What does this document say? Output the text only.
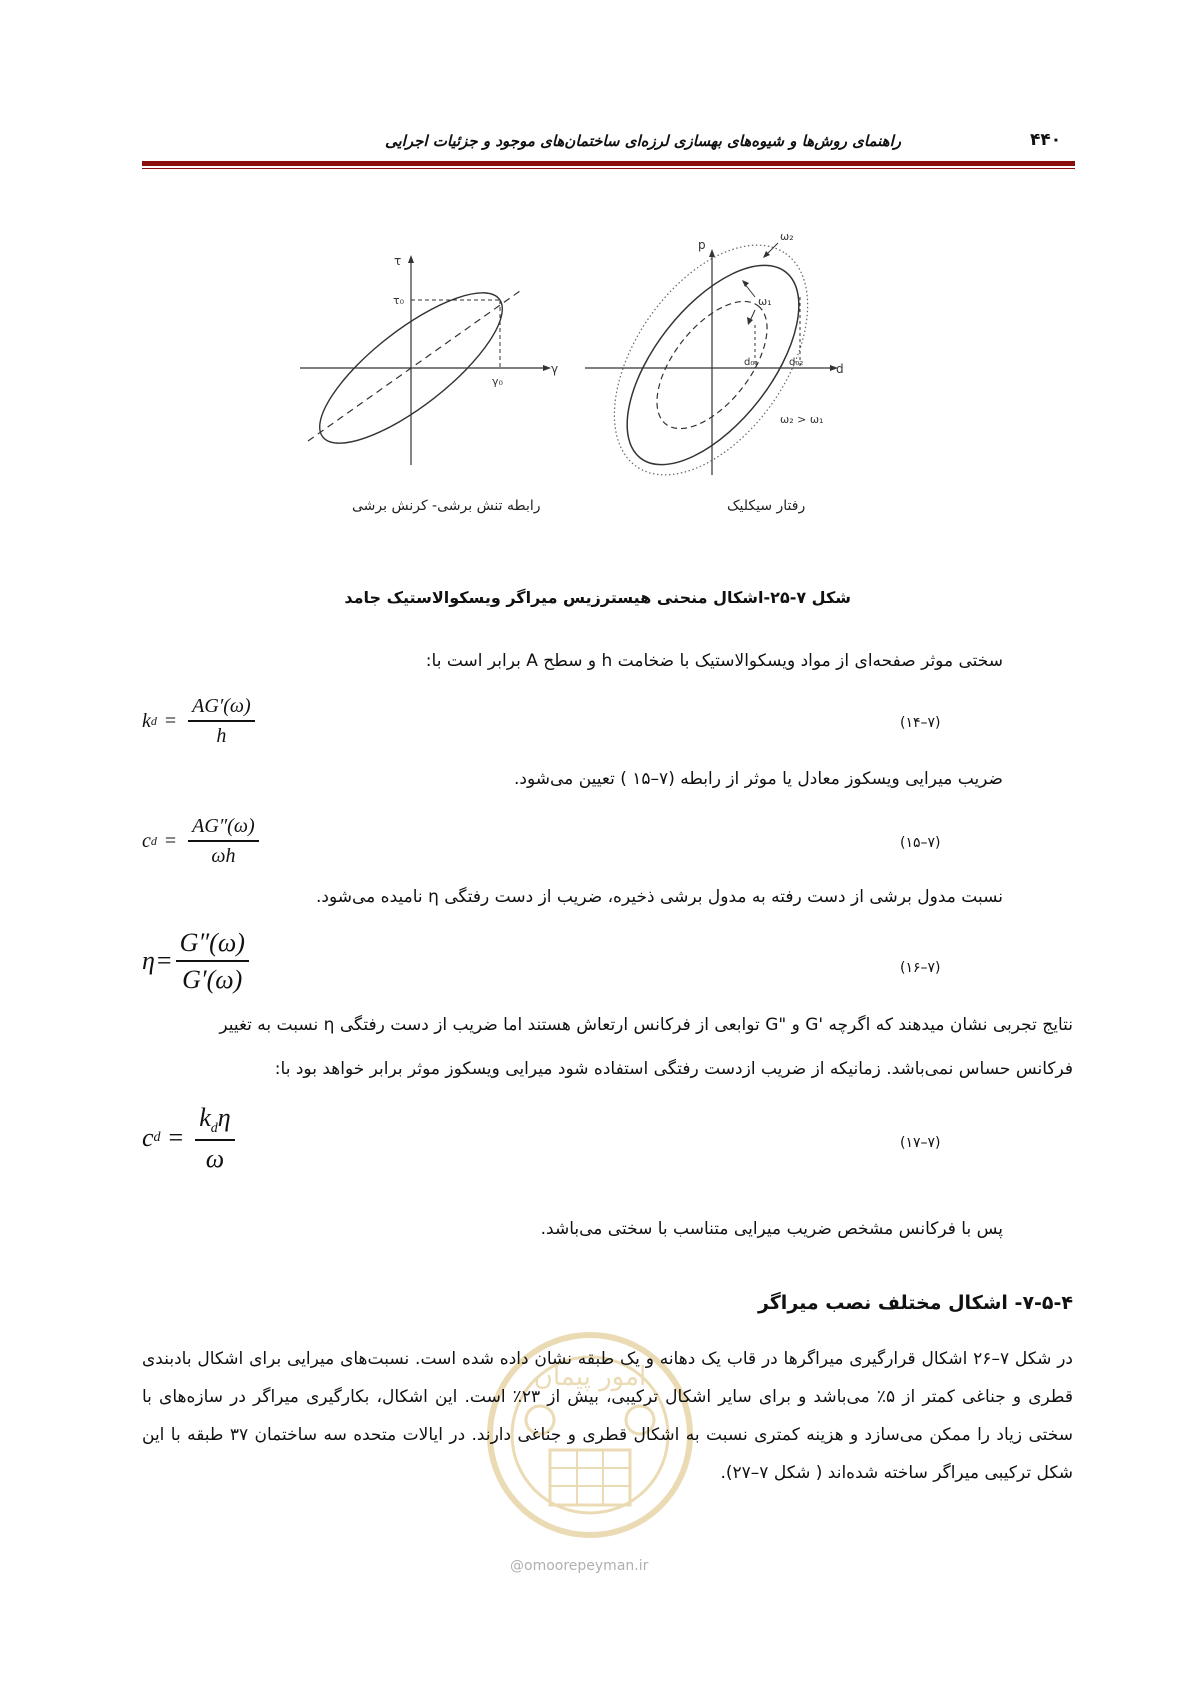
راهنمای روش‌ها و شیوه‌های بهسازی لرزه‌ای ساختمان‌های موجود و جزئیات اجرایی	۴۴۰
τ
γ
τ₀
γ₀
p
d
ω₂
ω₁
d₀₁	d₀₂
ω₂ > ω₁
رابطه تنش برشی- کرنش برشی	رفتار سیکلیک
شکل ۷-۲۵-اشکال منحنی هیسترزیس میراگر ویسکوالاستیک جامد
سختی موثر صفحه‌ای از مواد ویسکوالاستیک با ضخامت h و سطح A برابر است با:
k $d = \frac{AG'(\omega)}{h}$	(۱۴–۷)
ضریب میرایی ویسکوز معادل یا موثر از رابطه (۷–۱۵ ) تعیین می‌شود.
c $d = \frac{AG''(\omega)}{\omega h}$	(۱۵–۷)
نسبت مدول برشی از دست رفته به مدول برشی ذخیره، ضریب از دست رفتگی η نامیده می‌شود.
$\eta = \frac{G''(\omega)}{G'(\omega)}$	(۱۶–۷)
نتایج تجربی نشان میدهند که اگرچه 'G و "G توابعی از فرکانس ارتعاش هستند اما ضریب از دست رفتگی η نسبت به تغییر
فرکانس حساس نمی‌باشد. زمانیکه از ضریب ازدست رفتگی استفاده شود میرایی ویسکوز موثر برابر خواهد بود با:
c $d = \frac{k_d\eta}{\omega}$	(۱۷–۷)
پس با فرکانس مشخص ضریب میرایی متناسب با سختی می‌باشد.
۷-۵-۴- اشکال مختلف نصب میراگر
امور پیمان
در شکل ۷–۲۶ اشکال قرارگیری میراگرها در قاب یک دهانه و یک طبقه نشان داده شده است. نسبت‌های میرایی برای اشکال بادبندی قطری و جناغی کمتر از ۵٪ می‌باشد و برای سایر اشکال ترکیبی، بیش از ۲۳٪ است. این اشکال، بکارگیری میراگر در سازه‌های با سختی زیاد را ممکن می‌سازد و هزینه کمتری نسبت به اشکال قطری و جناغی دارند. در ایالات متحده سه ساختمان ۳۷ طبقه با این شکل ترکیبی میراگر ساخته شده‌اند ( شکل ۷–۲۷).
@omoorepeyman.ir
